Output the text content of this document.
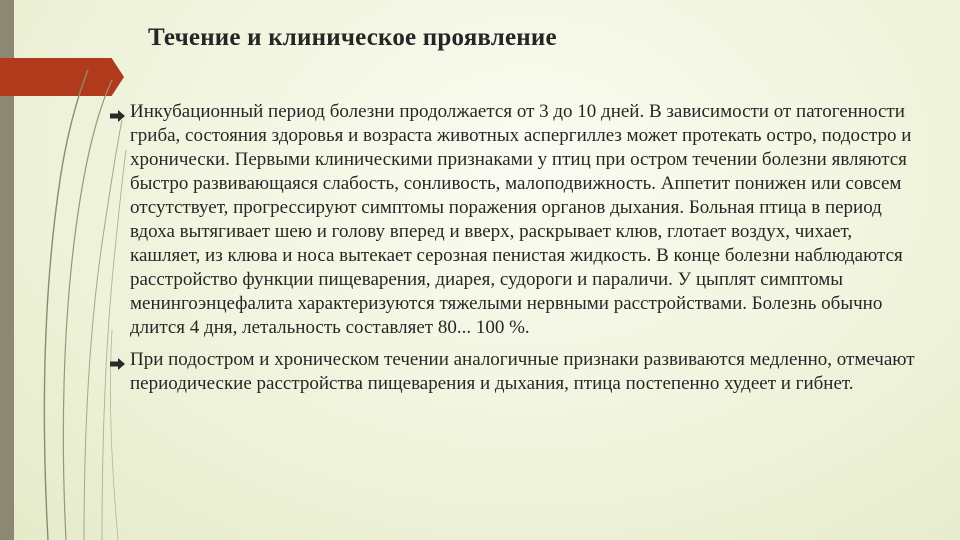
Течение и клиническое проявление
Инкубационный период болезни продолжается от 3 до 10 дней. В зависимости от патогенности гриба, состояния здоровья и возраста животных аспергиллез может протекать остро, подостро и хронически. Первыми клиническими признаками у птиц при остром течении болезни являются быстро развивающаяся слабость, сонливость, малоподвижность. Аппетит понижен или совсем отсутствует, прогрессируют симптомы поражения органов дыхания. Больная птица в период вдоха вытягивает шею и голову вперед и вверх, раскрывает клюв, глотает воздух, чихает, кашляет, из клюва и носа вытекает серозная пенистая жидкость. В конце болезни наблюдаются расстройство функции пищеварения, диарея, судороги и параличи. У цыплят симптомы менингоэнцефалита характеризуются тяжелыми нервными расстройствами. Болезнь обычно длится 4 дня, летальность составляет 80... 100 %.
При подостром и хроническом течении аналогичные признаки развиваются медленно, отмечают периодические расстройства пищеварения и дыхания, птица постепенно худеет и гибнет.
